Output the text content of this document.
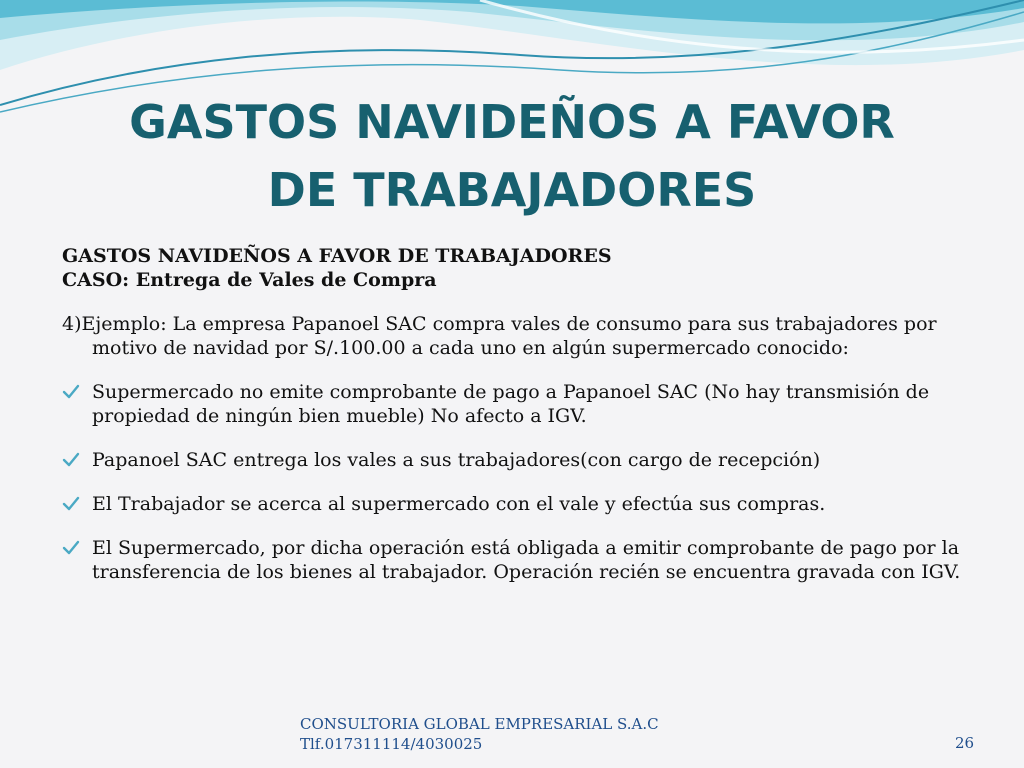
GASTOS NAVIDEÑOS A FAVOR
DE TRABAJADORES
GASTOS NAVIDEÑOS A FAVOR DE TRABAJADORES
CASO: Entrega de Vales de Compra
4)Ejemplo: La empresa Papanoel SAC compra vales de consumo para sus trabajadores por motivo de navidad por S/.100.00 a cada uno en algún supermercado conocido:
Supermercado no emite comprobante de pago a Papanoel SAC (No hay transmisión de propiedad de ningún bien mueble) No afecto a IGV.
Papanoel SAC entrega los vales a sus trabajadores(con cargo de recepción)
El Trabajador se acerca al supermercado con el vale y efectúa sus compras.
El Supermercado, por dicha operación está obligada a emitir comprobante de pago por la transferencia de los bienes al trabajador. Operación recién se encuentra gravada con IGV.
CONSULTORIA GLOBAL EMPRESARIAL S.A.C
Tlf.017311114/4030025	26
